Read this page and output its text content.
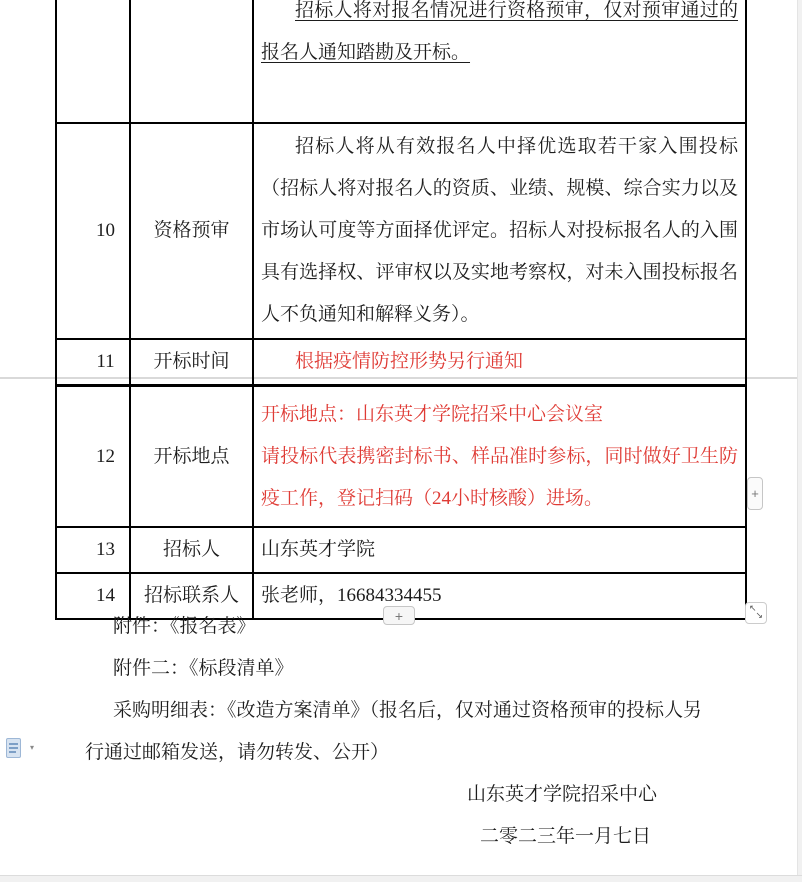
		招标人将对报名情况进行资格预审，仅对预审通过的
报名人通知踏勘及开标。

10	资格预审	招标人将从有效报名人中择优选取若干家入围投标
（招标人将对报名人的资质、业绩、规模、综合实力以及
市场认可度等方面择优评定。招标人对投标报名人的入围
具有选择权、评审权以及实地考察权，对未入围投标报名
人不负通知和解释义务）。

11	开标时间	根据疫情防控形势另行通知
12	开标地点	开标地点：山东英才学院招采中心会议室
请投标代表携密封标书、样品准时参标，同时做好卫生防
疫工作，登记扫码（24小时核酸）进场。

13	招标人	山东英才学院

14	招标联系人	张老师，16684334455
附件：《报名表》
附件二：《标段清单》
采购明细表：《改造方案清单》（报名后，仅对通过资格预审的投标人另
行通过邮箱发送，请勿转发、公开）
山东英才学院招采中心
二零二三年一月七日
+
+	↖
↘
▾
